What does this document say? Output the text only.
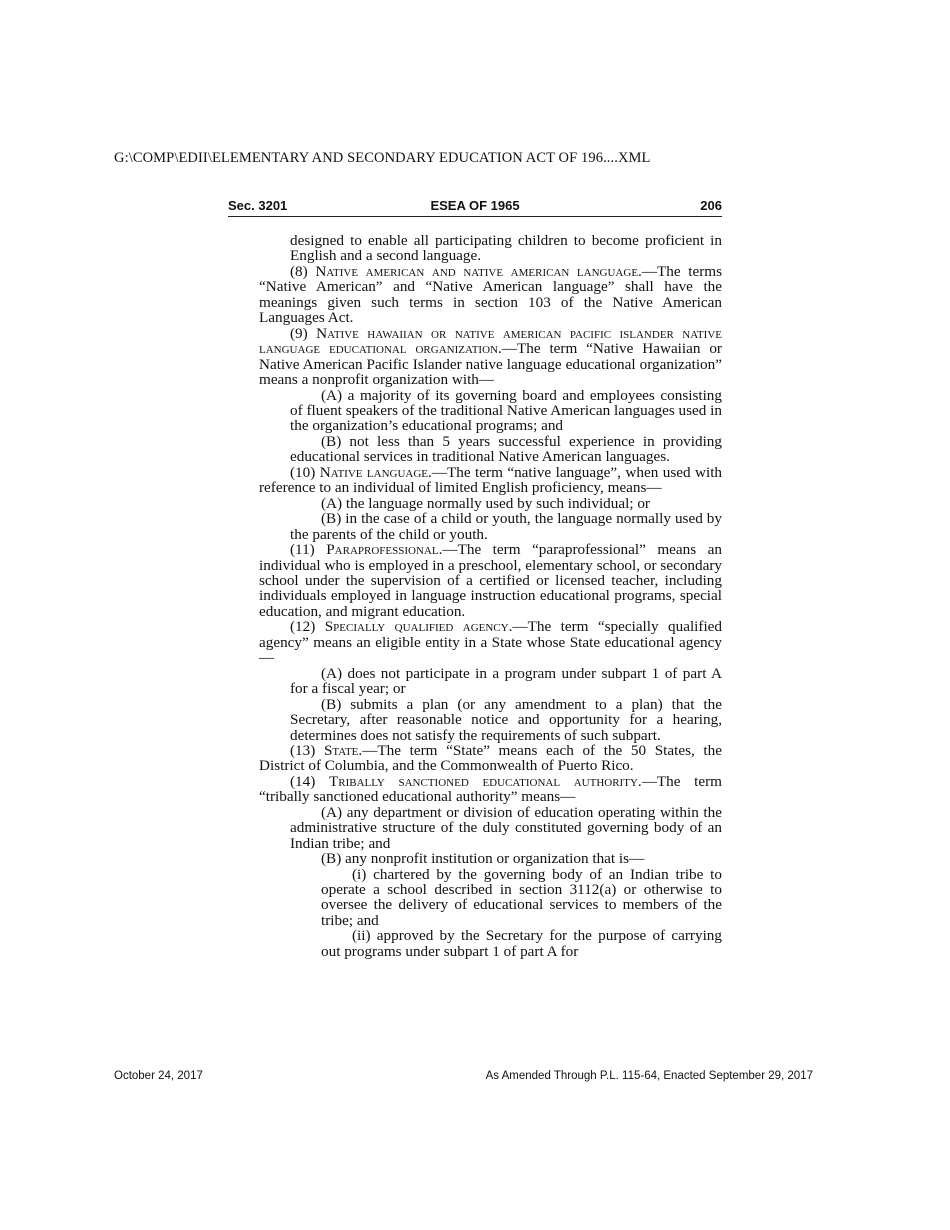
G:\COMP\EDII\ELEMENTARY AND SECONDARY EDUCATION ACT OF 196....XML
Sec. 3201	ESEA OF 1965	206

designed to enable all participating children to become proficient in English and a second language.

(8) Native american and native american language.—The terms “Native American” and “Native American language” shall have the meanings given such terms in section 103 of the Native American Languages Act.

(9) Native hawaiian or native american pacific islander native language educational organization.—The term “Native Hawaiian or Native American Pacific Islander native language educational organization” means a nonprofit organization with—

(A) a majority of its governing board and employees consisting of fluent speakers of the traditional Native American languages used in the organization’s educational programs; and

(B) not less than 5 years successful experience in providing educational services in traditional Native American languages.

(10) Native language.—The term “native language”, when used with reference to an individual of limited English proficiency, means—

(A) the language normally used by such individual; or

(B) in the case of a child or youth, the language normally used by the parents of the child or youth.

(11) Paraprofessional.—The term “paraprofessional” means an individual who is employed in a preschool, elementary school, or secondary school under the supervision of a certified or licensed teacher, including individuals employed in language instruction educational programs, special education, and migrant education.

(12) Specially qualified agency.—The term “specially qualified agency” means an eligible entity in a State whose State educational agency—

(A) does not participate in a program under subpart 1 of part A for a fiscal year; or

(B) submits a plan (or any amendment to a plan) that the Secretary, after reasonable notice and opportunity for a hearing, determines does not satisfy the requirements of such subpart.

(13) State.—The term “State” means each of the 50 States, the District of Columbia, and the Commonwealth of Puerto Rico.

(14) Tribally sanctioned educational authority.—The term “tribally sanctioned educational authority” means—

(A) any department or division of education operating within the administrative structure of the duly constituted governing body of an Indian tribe; and

(B) any nonprofit institution or organization that is—

(i) chartered by the governing body of an Indian tribe to operate a school described in section 3112(a) or otherwise to oversee the delivery of educational services to members of the tribe; and

(ii) approved by the Secretary for the purpose of carrying out programs under subpart 1 of part A for

October 24, 2017	As Amended Through P.L. 115-64, Enacted September 29, 2017
